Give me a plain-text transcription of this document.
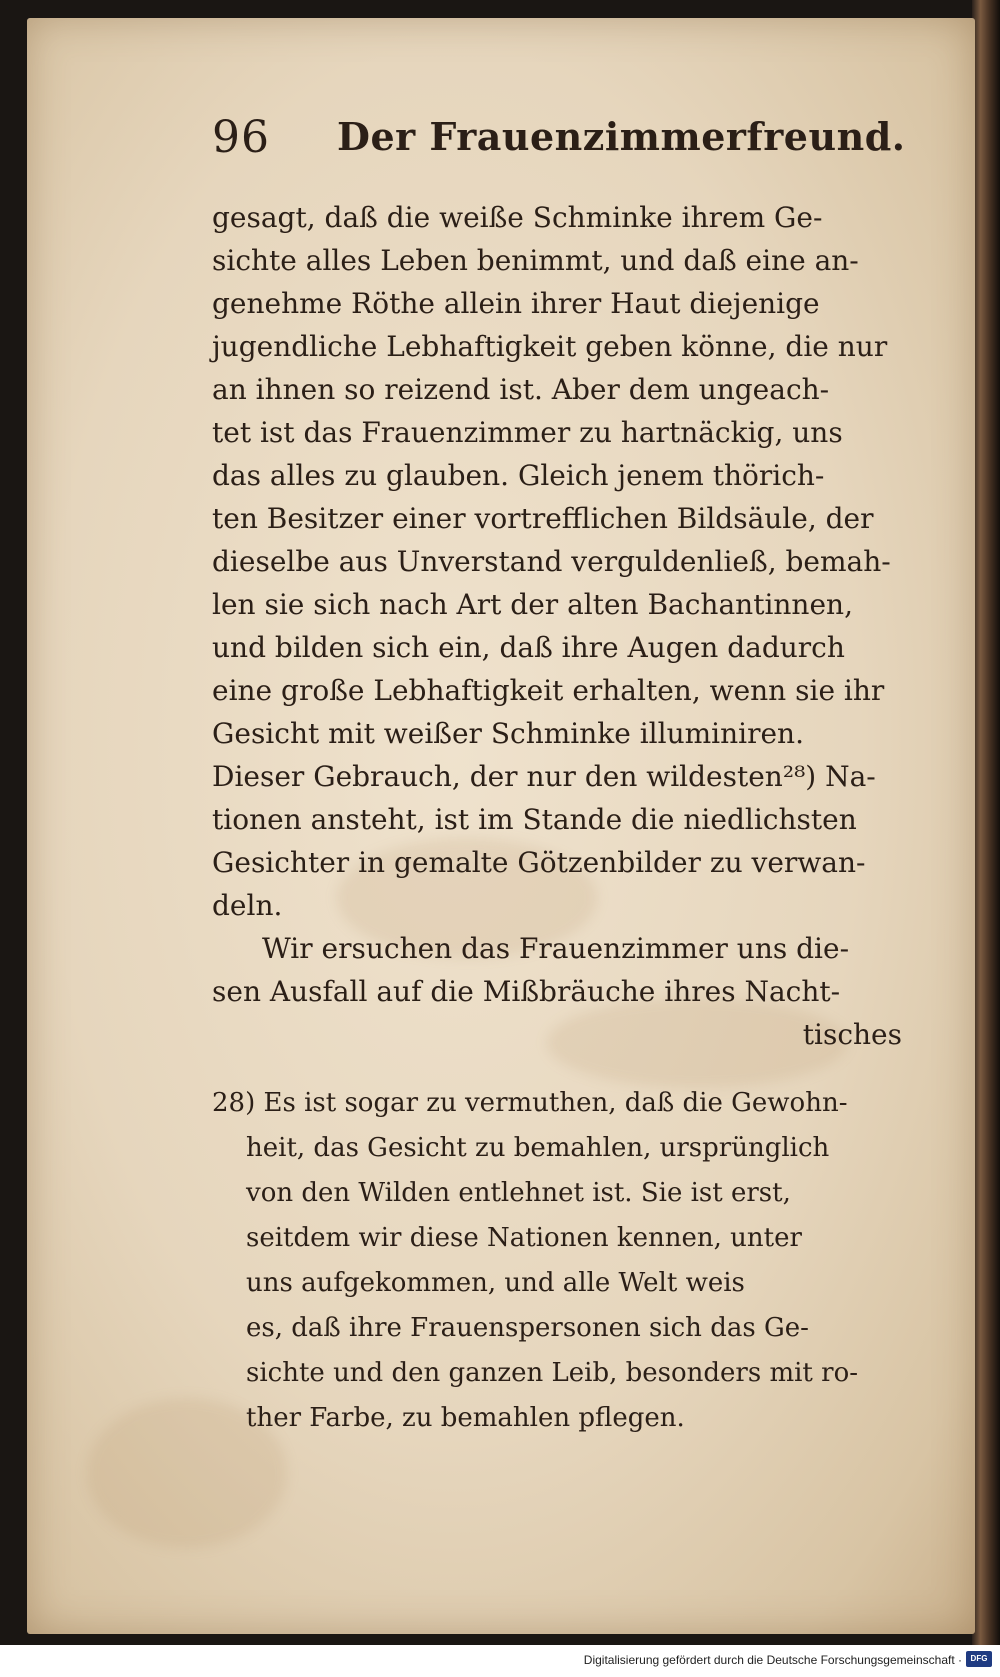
96 Der Frauenzimmerfreund.
gesagt, daß die weiße Schminke ihrem Ge-
sichte alles Leben benimmt, und daß eine an-
genehme Röthe allein ihrer Haut diejenige
jugendliche Lebhaftigkeit geben könne, die nur
an ihnen so reizend ist. Aber dem ungeach-
tet ist das Frauenzimmer zu hartnäckig, uns
das alles zu glauben. Gleich jenem thörich-
ten Besitzer einer vortrefflichen Bildsäule, der
dieselbe aus Unverstand verguldenließ, bemah-
len sie sich nach Art der alten Bachantinnen,
und bilden sich ein, daß ihre Augen dadurch
eine große Lebhaftigkeit erhalten, wenn sie ihr
Gesicht mit weißer Schminke illuminiren.
Dieser Gebrauch, der nur den wildesten²⁸) Na-
tionen ansteht, ist im Stande die niedlichsten
Gesichter in gemalte Götzenbilder zu verwan-
deln.
Wir ersuchen das Frauenzimmer uns die-
sen Ausfall auf die Mißbräuche ihres Nacht-
tisches
28) Es ist sogar zu vermuthen, daß die Gewohn-
heit, das Gesicht zu bemahlen, ursprünglich
von den Wilden entlehnet ist. Sie ist erst,
seitdem wir diese Nationen kennen, unter
uns aufgekommen, und alle Welt weis
es, daß ihre Frauenspersonen sich das Ge-
sichte und den ganzen Leib, besonders mit ro-
ther Farbe, zu bemahlen pflegen.
Digitalisierung gefördert durch die Deutsche Forschungsgemeinschaft ·	DFG
